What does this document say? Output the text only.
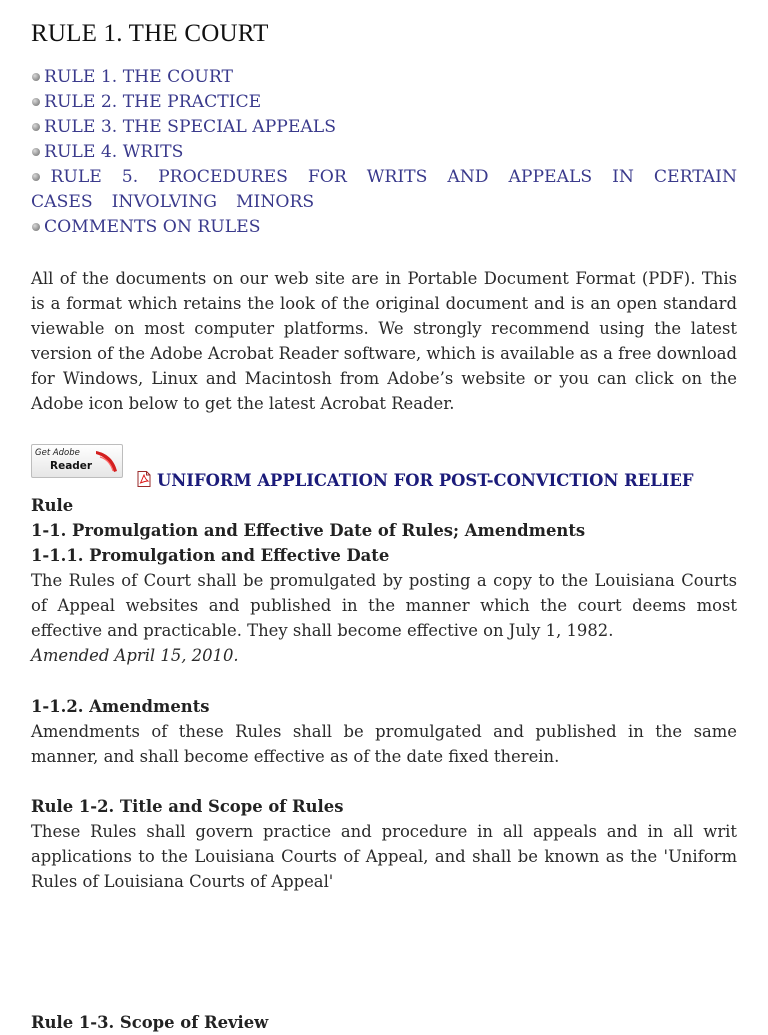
RULE 1. THE COURT
RULE 1. THE COURT
RULE 2. THE PRACTICE
RULE 3. THE SPECIAL APPEALS
RULE 4. WRITS
RULE 5. PROCEDURES FOR WRITS AND APPEALS IN CERTAIN CASES INVOLVING MINORS
COMMENTS ON RULES

All of the documents on our web site are in Portable Document Format (PDF). This is a format which retains the look of the original document and is an open standard viewable on most computer platforms. We strongly recommend using the latest version of the Adobe Acrobat Reader software, which is available as a free download for Windows, Linux and Macintosh from Adobe’s website or you can click on the Adobe icon below to get the latest Acrobat Reader.

Get Adobe
Reader

UNIFORM APPLICATION FOR POST-CONVICTION RELIEF Rule
1-1. Promulgation and Effective Date of Rules; Amendments

1-1.1. Promulgation and Effective Date

The Rules of Court shall be promulgated by posting a copy to the Louisiana Courts of Appeal websites and published in the manner which the court deems most effective and practicable. They shall become effective on July 1, 1982.

Amended April 15, 2010.

1-1.2. Amendments

Amendments of these Rules shall be promulgated and published in the same manner, and shall become effective as of the date fixed therein.

Rule 1-2. Title and Scope of Rules

These Rules shall govern practice and procedure in all appeals and in all writ applications to the Louisiana Courts of Appeal, and shall be known as the 'Uniform Rules of Louisiana Courts of Appeal'

Rule 1-3. Scope of Review
